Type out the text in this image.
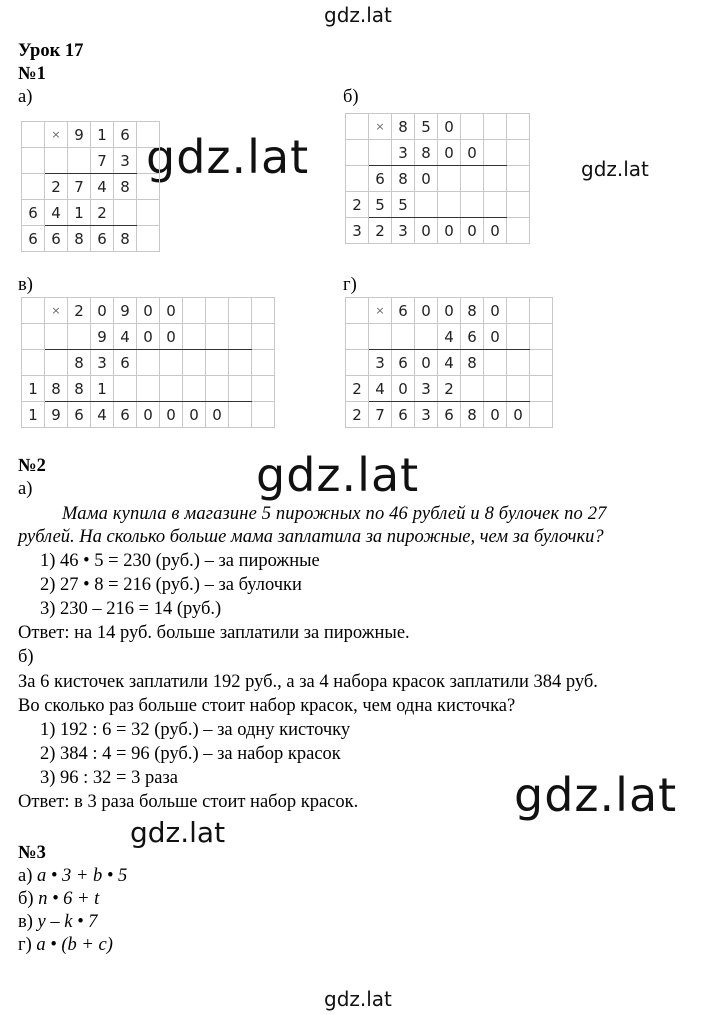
gdz.lat
gdz.lat	gdz.lat
gdz.lat
gdz.lat
gdz.lat
gdz.lat
Урок 17
№1
а)	б)
в)	г)
	×	9	1	6	
			7	3	
	2	7	4	8	
6	4	1	2		
6	6	8	6	8	
	×	8	5	0			
		3	8	0	0		
	6	8	0				
2	5	5					
3	2	3	0	0	0	0	
	×	2	0	9	0	0				
			9	4	0	0				
		8	3	6						
1	8	8	1							
1	9	6	4	6	0	0	0	0		
	×	6	0	0	8	0		
				4	6	0		
	3	6	0	4	8			
2	4	0	3	2				
2	7	6	3	6	8	0	0	
№2
а)
Мама купила в магазине 5 пирожных по 46 рублей и 8 булочек по 27
рублей. На сколько больше мама заплатила за пирожные, чем за булочки?
1) 46 • 5 = 230 (руб.) – за пирожные
2) 27 • 8 = 216 (руб.) – за булочки
3) 230 – 216 = 14 (руб.)
Ответ: на 14 руб. больше заплатили за пирожные.
б)
За 6 кисточек заплатили 192 руб., а за 4 набора красок заплатили 384 руб.
Во сколько раз больше стоит набор красок, чем одна кисточка?
1) 192 : 6 = 32 (руб.) – за одну кисточку
2) 384 : 4 = 96 (руб.) – за набор красок
3) 96 : 32 = 3 раза
Ответ: в 3 раза больше стоит набор красок.
№3
а) a • 3 + b • 5
б) n • 6 + t
в) y – k • 7
г) a • (b + c)
